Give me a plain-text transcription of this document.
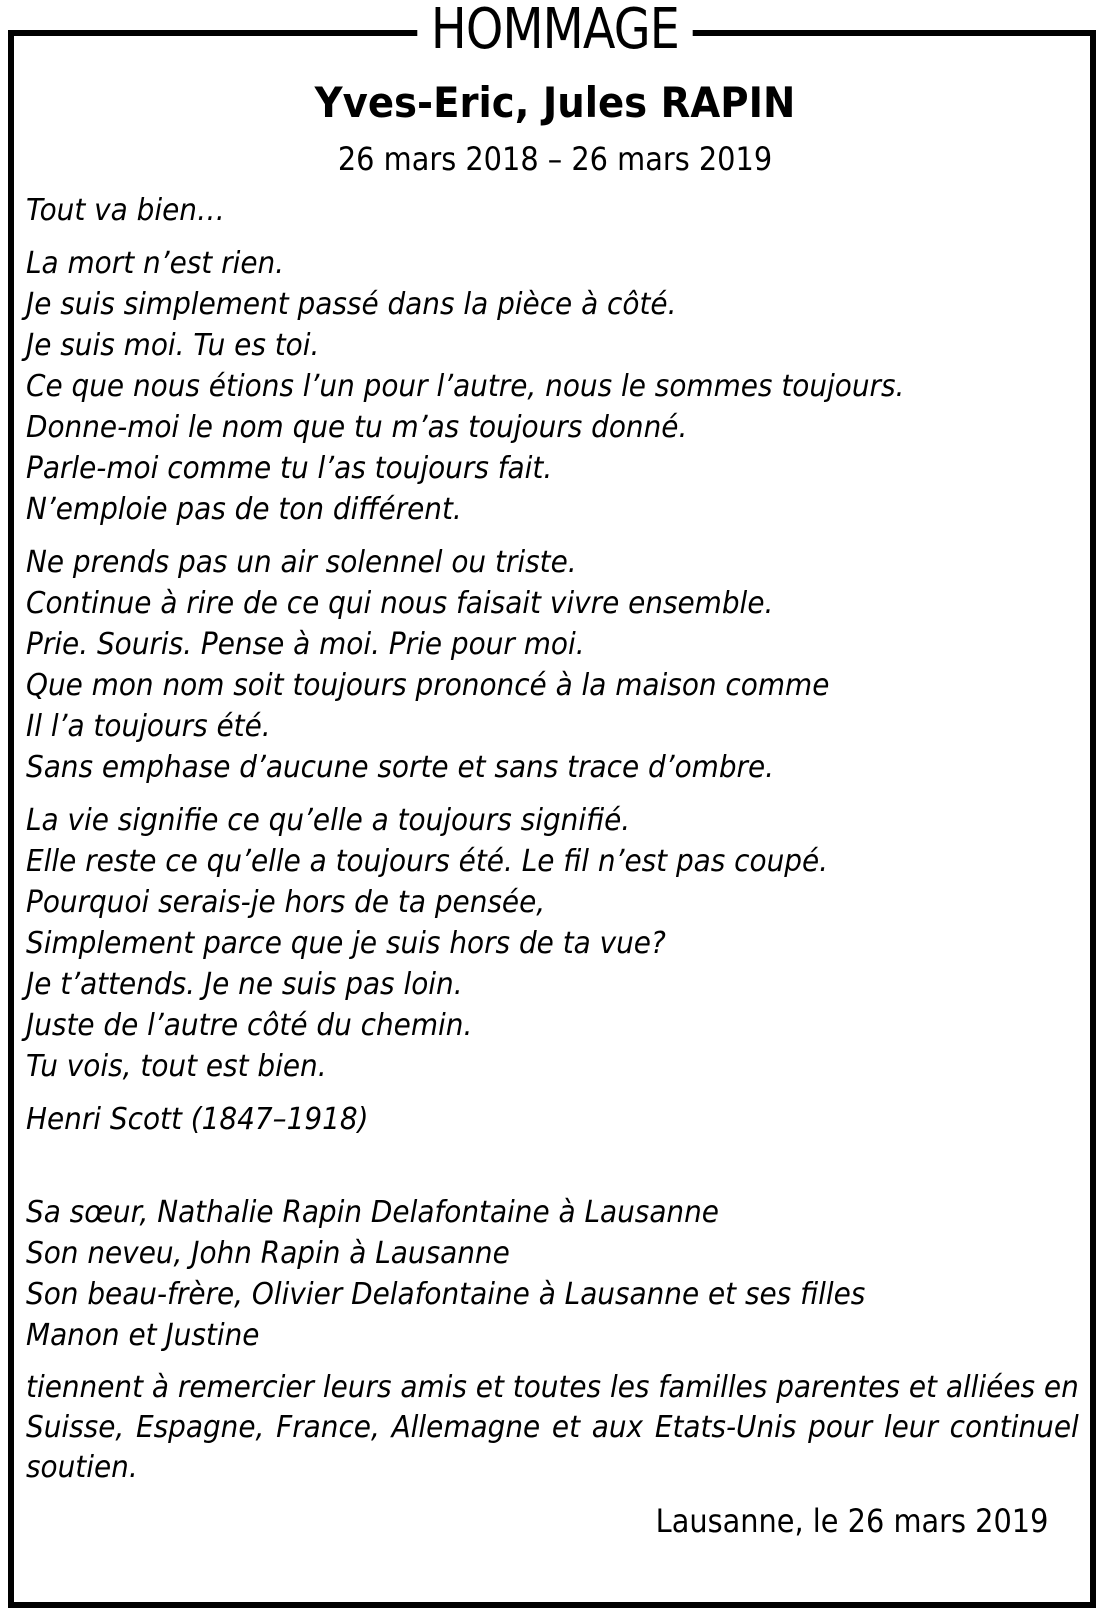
HOMMAGE
Yves-Eric, Jules RAPIN
26 mars 2018 – 26 mars 2019
Tout va bien…
La mort n’est rien.
Je suis simplement passé dans la pièce à côté.
Je suis moi. Tu es toi.
Ce que nous étions l’un pour l’autre, nous le sommes toujours.
Donne-moi le nom que tu m’as toujours donné.
Parle-moi comme tu l’as toujours fait.
N’emploie pas de ton différent.
Ne prends pas un air solennel ou triste.
Continue à rire de ce qui nous faisait vivre ensemble.
Prie. Souris. Pense à moi. Prie pour moi.
Que mon nom soit toujours prononcé à la maison comme
Il l’a toujours été.
Sans emphase d’aucune sorte et sans trace d’ombre.
La vie signifie ce qu’elle a toujours signifié.
Elle reste ce qu’elle a toujours été. Le fil n’est pas coupé.
Pourquoi serais-je hors de ta pensée,
Simplement parce que je suis hors de ta vue?
Je t’attends. Je ne suis pas loin.
Juste de l’autre côté du chemin.
Tu vois, tout est bien.
Henri Scott (1847–1918)
Sa sœur, Nathalie Rapin Delafontaine à Lausanne
Son neveu, John Rapin à Lausanne
Son beau-frère, Olivier Delafontaine à Lausanne et ses filles
Manon et Justine
tiennent à remercier leurs amis et toutes les familles parentes et alliées en Suisse, Espagne, France, Allemagne et aux Etats-Unis pour leur continuel soutien.
Lausanne, le 26 mars 2019
